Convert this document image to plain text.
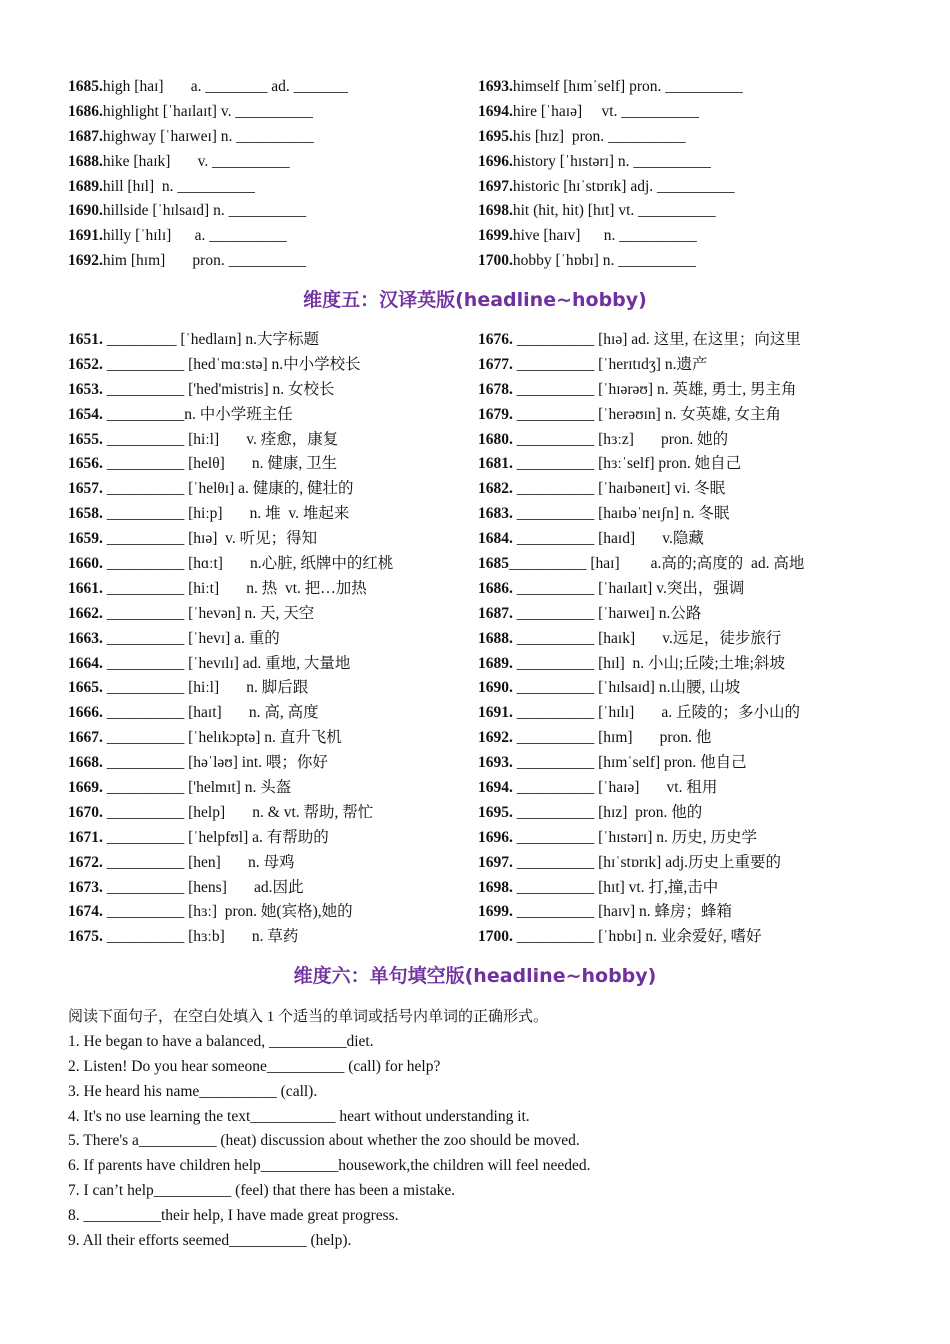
1685.high [haɪ]       a. ________ ad. _______
1686.highlight [ˈhaɪlaɪt] v. __________
1687.highway [ˈhaɪweɪ] n. __________
1688.hike [haɪk]       v. __________
1689.hill [hɪl]  n. __________
1690.hillside [ˈhɪlsaɪd] n. __________
1691.hilly [ˈhɪlɪ]      a. __________
1692.him [hɪm]       pron. __________
1693.himself [hɪmˈself] pron. __________
1694.hire [ˈhaɪə]     vt. __________
1695.his [hɪz]  pron. __________
1696.history [ˈhɪstərɪ] n. __________
1697.historic [hɪˈstɒrɪk] adj. __________
1698.hit (hit, hit) [hɪt] vt. __________
1699.hive [haɪv]      n. __________
1700.hobby [ˈhɒbɪ] n. __________
维度五：汉译英版(headline~hobby)
1651. _________ [ˈhedlaɪn] n.大字标题
1652. __________ [hedˈmɑːstə] n.中小学校长
1653. __________ ['hed'mistris] n. 女校长
1654. __________n. 中小学班主任
1655. __________ [hiːl]       v. 痊愈，康复
1656. __________ [helθ]       n. 健康, 卫生
1657. __________ [ˈhelθɪ] a. 健康的, 健壮的
1658. __________ [hiːp]       n. 堆  v. 堆起来
1659. __________ [hɪə]  v. 听见；得知
1660. __________ [hɑːt]       n.心脏, 纸牌中的红桃
1661. __________ [hiːt]       n. 热  vt. 把…加热
1662. __________ [ˈhevən] n. 天, 天空
1663. __________ [ˈhevɪ] a. 重的
1664. __________ [ˈhevɪlɪ] ad. 重地, 大量地
1665. __________ [hiːl]       n. 脚后跟
1666. __________ [haɪt]       n. 高, 高度
1667. __________ [ˈhelɪkɔptə] n. 直升飞机
1668. __________ [həˈləʊ] int. 喂；你好
1669. __________ ['helmɪt] n. 头盔
1670. __________ [help]       n. & vt. 帮助, 帮忙
1671. __________ [ˈhelpfʊl] a. 有帮助的
1672. __________ [hen]       n. 母鸡
1673. __________ [hens]       ad.因此
1674. __________ [hɜː]  pron. 她(宾格),她的
1675. __________ [hɜːb]       n. 草药
1676. __________ [hɪə] ad. 这里, 在这里；向这里
1677. __________ [ˈherɪtɪdʒ] n.遗产
1678. __________ [ˈhɪərəʊ] n. 英雄, 勇士, 男主角
1679. __________ [ˈherəʊɪn] n. 女英雄, 女主角
1680. __________ [hɜːz]       pron. 她的
1681. __________ [hɜːˈself] pron. 她自己
1682. __________ [ˈhaɪbəneɪt] vi. 冬眠
1683. __________ [haɪbəˈneɪʃn] n. 冬眠
1684. __________ [haɪd]       v.隐藏
1685__________ [haɪ]        a.高的;高度的  ad. 高地
1686. __________ [ˈhaɪlaɪt] v.突出，强调
1687. __________ [ˈhaɪweɪ] n.公路
1688. __________ [haɪk]       v.远足，徒步旅行
1689. __________ [hɪl]  n. 小山;丘陵;土堆;斜坡
1690. __________ [ˈhɪlsaɪd] n.山腰, 山坡
1691. __________ [ˈhɪlɪ]       a. 丘陵的；多小山的
1692. __________ [hɪm]       pron. 他
1693. __________ [hɪmˈself] pron. 他自己
1694. __________ [ˈhaɪə]       vt. 租用
1695. __________ [hɪz]  pron. 他的
1696. __________ [ˈhɪstərɪ] n. 历史, 历史学
1697. __________ [hɪˈstɒrɪk] adj.历史上重要的
1698. __________ [hɪt] vt. 打,撞,击中
1699. __________ [haɪv] n. 蜂房；蜂箱
1700. __________ [ˈhɒbɪ] n. 业余爱好, 嗜好
维度六：单句填空版(headline~hobby)
阅读下面句子，在空白处填入 1 个适当的单词或括号内单词的正确形式。
1. He began to have a balanced, __________diet.
2. Listen! Do you hear someone__________ (call) for help?
3. He heard his name__________ (call).
4. It's no use learning the text___________ heart without understanding it.
5. There's a__________ (heat) discussion about whether the zoo should be moved.
6. If parents have children help__________housework,the children will feel needed.
7. I can’t help__________ (feel) that there has been a mistake.
8. __________their help, I have made great progress.
9. All their efforts seemed__________ (help).
